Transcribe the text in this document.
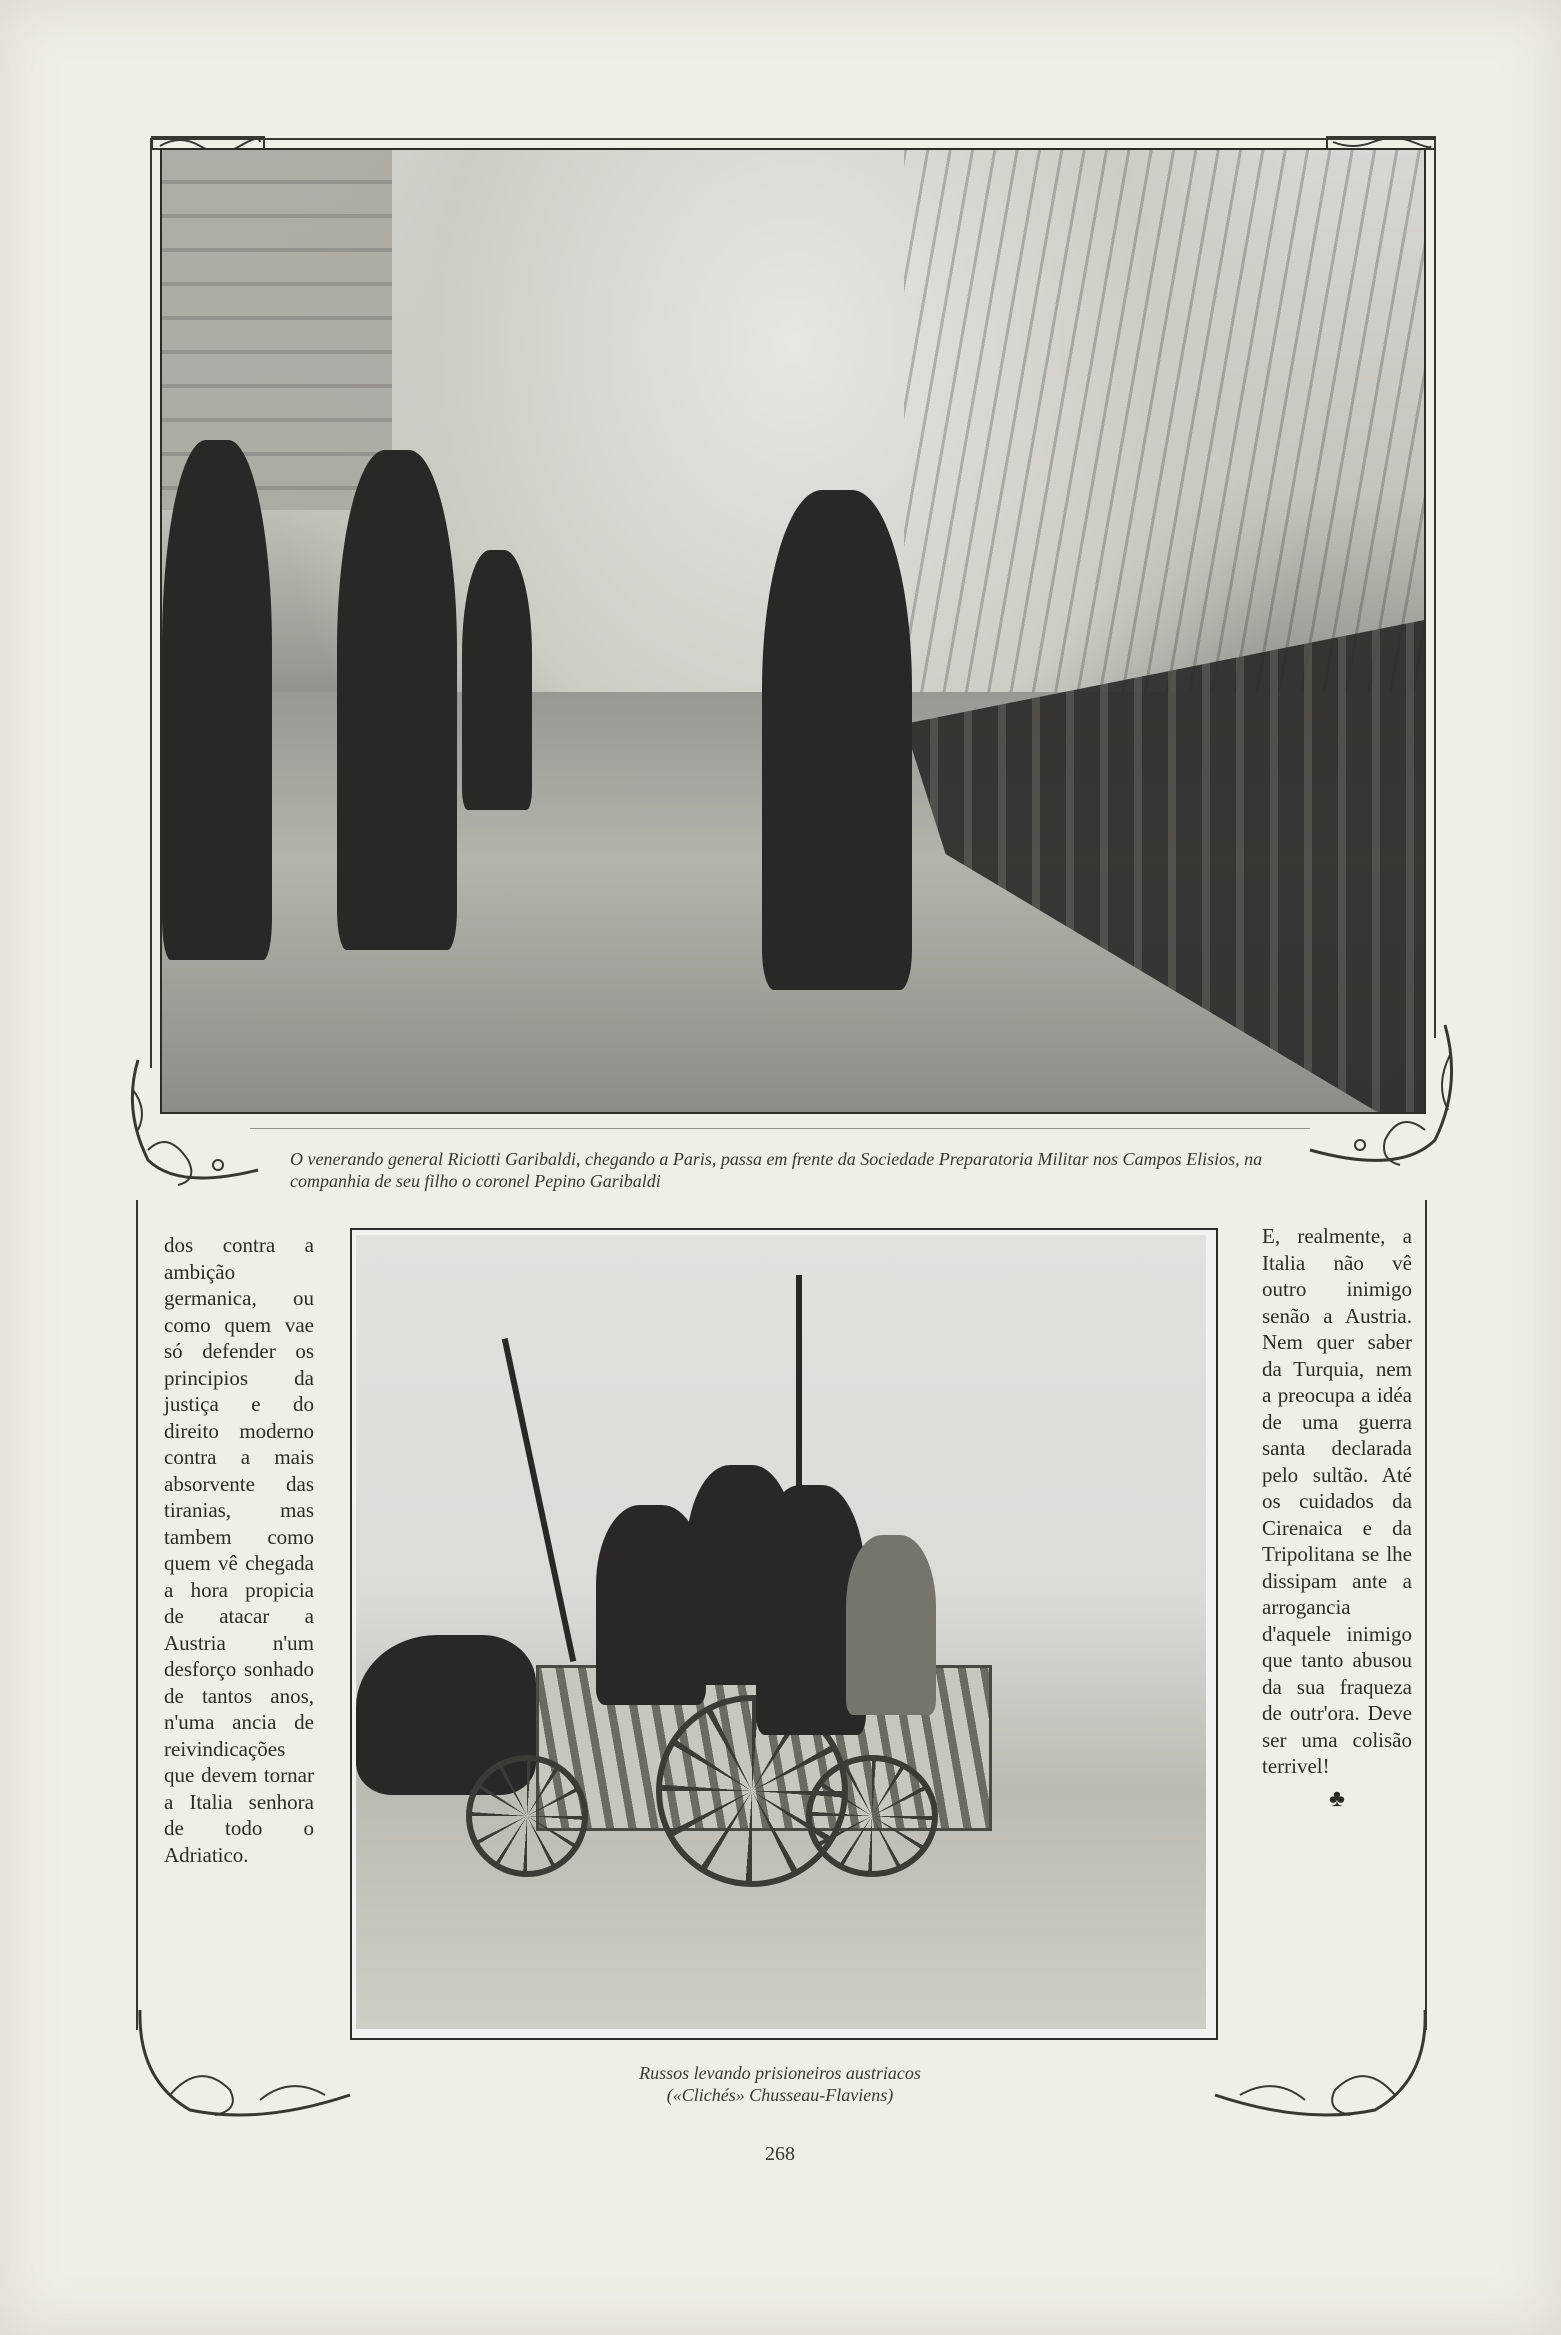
O venerando general Riciotti Garibaldi, chegando a Paris, passa em frente da Sociedade Preparatoria Militar nos Campos Elisios, na companhia de seu filho o coronel Pepino Garibaldi

dos contra a ambição germanica, ou como quem vae só defender os principios da justiça e do direito moderno contra a mais absorvente das tiranias, mas tambem como quem vê chegada a hora propicia de atacar a Austria n'um desforço sonhado de tantos anos, n'uma ancia de reivindicações que devem tornar a Italia senhora de todo o Adriatico.

E, realmente, a Italia não vê outro inimigo senão a Austria. Nem quer saber da Turquia, nem a preocupa a idéa de uma guerra santa declarada pelo sultão. Até os cuidados da Cirenaica e da Tripolitana se lhe dissipam ante a arrogancia d'aquele inimigo que tanto abusou da sua fraqueza de outr'ora. Deve ser uma colisão terrivel!

♣
Russos levando prisioneiros austriacos
(«Clichés» Chusseau-Flaviens)
268
